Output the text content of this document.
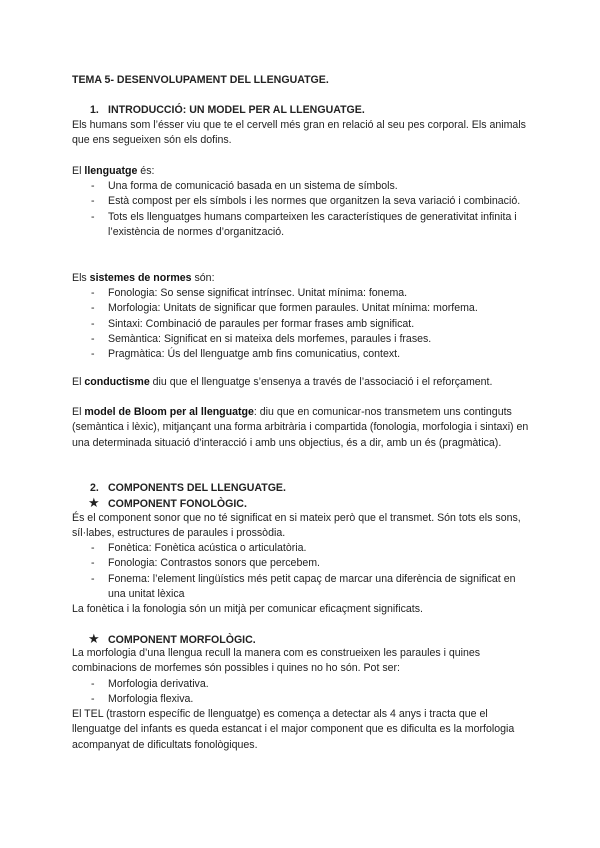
TEMA 5- DESENVOLUPAMENT DEL LLENGUATGE.
1. INTRODUCCIÓ: UN MODEL PER AL LLENGUATGE.

Els humans som l’ésser viu que te el cervell més gran en relació al seu pes corporal. Els animals que ens segueixen són els dofins.

El llenguatge és:

- Una forma de comunicació basada en un sistema de símbols.
- Està compost per els símbols i les normes que organitzen la seva variació i combinació.
- Tots els llenguatges humans comparteixen les característiques de generativitat infinita i l’existència de normes d’organització.

Els sistemes de normes són:

- Fonologia: So sense significat intrínsec. Unitat mínima: fonema.
- Morfologia: Unitats de significar que formen paraules. Unitat mínima: morfema.
- Sintaxi: Combinació de paraules per formar frases amb significat.
- Semàntica: Significat en si mateixa dels morfemes, paraules i frases.
- Pragmàtica: Ús del llenguatge amb fins comunicatius, context.

El conductisme diu que el llenguatge s’ensenya a través de l’associació i el reforçament.

El model de Bloom per al llenguatge: diu que en comunicar-nos transmetem uns continguts (semàntica i lèxic), mitjançant una forma arbitrària i compartida (fonologia, morfologia i sintaxi) en una determinada situació d’interacció i amb uns objectius, és a dir, amb un és (pragmàtica).

2. COMPONENTS DEL LLENGUATGE.
★ COMPONENT FONOLÒGIC.

És el component sonor que no té significat en si mateix però que el transmet. Són tots els sons, síl·labes, estructures de paraules i prossòdia.

- Fonètica: Fonètica acústica o articulatòria.
- Fonologia: Contrastos sonors que percebem.
- Fonema: l’element lingüístics més petit capaç de marcar una diferència de significat en una unitat lèxica

La fonètica i la fonologia són un mitjà per comunicar eficaçment significats.

★ COMPONENT MORFOLÒGIC.

La morfologia d’una llengua recull la manera com es construeixen les paraules i quines combinacions de morfemes són possibles i quines no ho són. Pot ser:

- Morfologia derivativa.
- Morfologia flexiva.

El TEL (trastorn específic de llenguatge) es comença a detectar als 4 anys i tracta que el llenguatge del infants es queda estancat i el major component que es dificulta es la morfologia acompanyat de dificultats fonològiques.
